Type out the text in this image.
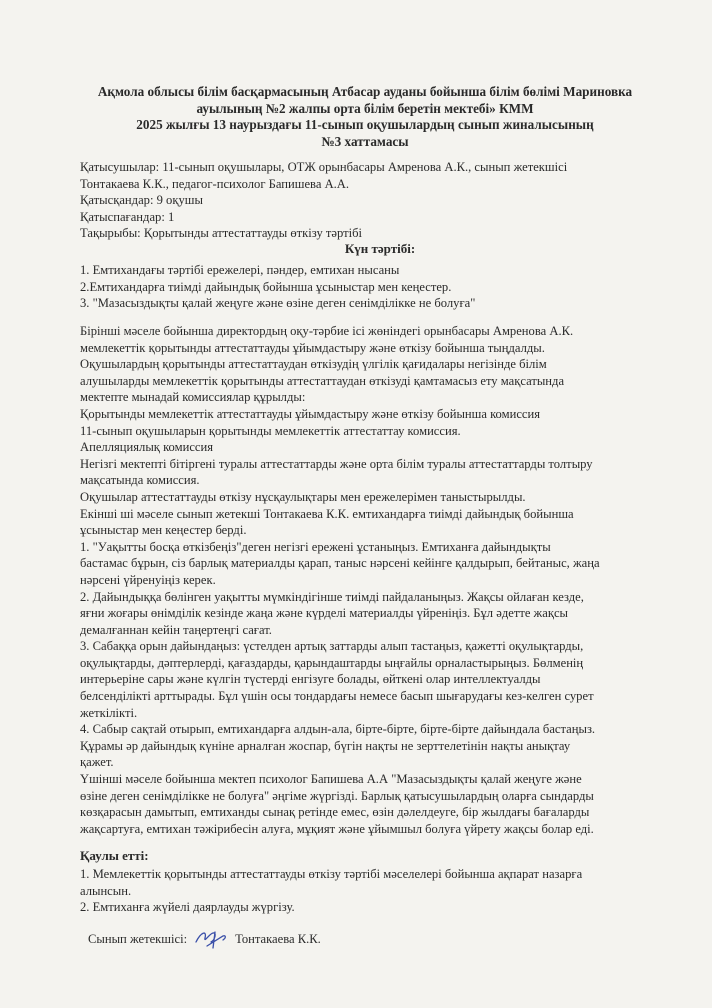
Ақмола облысы білім басқармасының Атбасар ауданы бойынша білім бөлімі Мариновка
ауылының №2 жалпы орта білім беретін мектебі» КММ
2025 жылғы 13 наурыздағы 11-сынып оқушылардың сынып жиналысының
№3 хаттамасы
Қатысушылар: 11-сынып оқушылары, ОТЖ орынбасары Амренова А.К., сынып жетекшісі
Тонтакаева К.К., педагог-психолог Бапишева А.А.
Қатысқандар: 9 оқушы
Қатыспағандар: 1
Тақырыбы: Қорытынды аттестаттауды өткізу тәртібі
Күн тәртібі:
1. Емтихандағы тәртібі ережелері, пәндер, емтихан нысаны
2.Емтихандарға тиімді дайындық бойынша ұсыныстар мен кеңестер.
3. "Мазасыздықты қалай жеңуге және өзіне деген сенімділікке не болуға"
Бірінші мәселе бойынша директордың оқу-тәрбие ісі жөніндегі орынбасары Амренова А.К.
мемлекеттік қорытынды аттестаттауды ұйымдастыру және өткізу бойынша тыңдалды.
Оқушылардың қорытынды аттестаттаудан өткізудің үлгілік қағидалары негізінде білім
алушыларды мемлекеттік қорытынды аттестаттаудан өткізуді қамтамасыз ету мақсатында
мектепте мынадай комиссиялар құрылды:
Қорытынды мемлекеттік аттестаттауды ұйымдастыру және өткізу бойынша комиссия
11-сынып оқушыларын қорытынды мемлекеттік аттестаттау комиссия.
Апелляциялық комиссия
Негізгі мектепті бітіргені туралы аттестаттарды және орта білім туралы аттестаттарды толтыру
мақсатында комиссия.
Оқушылар аттестаттауды өткізу нұсқаулықтары мен ережелерімен таныстырылды.
Екінші ші мәселе сынып жетекші Тонтакаева К.К. емтихандарға тиімді дайындық бойынша
ұсыныстар мен кеңестер берді.
1. "Уақытты босқа өткізбеңіз"деген негізгі ережені ұстаныңыз. Емтиханға дайындықты
бастамас бұрын, сіз барлық материалды қарап, таныс нәрсені кейінге қалдырып, бейтаныс, жаңа
нәрсені үйренуіңіз керек.
2. Дайындыққа бөлінген уақытты мүмкіндігінше тиімді пайдаланыңыз. Жақсы ойлаған кезде,
яғни жоғары өнімділік кезінде жаңа және күрделі материалды үйреніңіз. Бұл әдетте жақсы
демалғаннан кейін таңертеңгі сағат.
3. Сабаққа орын дайындаңыз: үстелден артық заттарды алып тастаңыз, қажетті оқулықтарды,
оқулықтарды, дәптерлерді, қағаздарды, қарындаштарды ыңғайлы орналастырыңыз. Бөлменің
интерьеріне сары және күлгін түстерді енгізуге болады, өйткені олар интеллектуалды
белсенділікті арттырады. Бұл үшін осы тондардағы немесе басып шығарудағы кез-келген сурет
жеткілікті.
4. Сабыр сақтай отырып, емтихандарға алдын-ала, біртe-бірте, бірте-бірте дайындала бастаңыз.
Құрамы әр дайындық күніне арналған жоспар, бүгін нақты не зерттелетінін нақты анықтау
қажет.
Үшінші мәселе бойынша мектеп психолог Бапишева А.А "Мазасыздықты қалай жеңуге және
өзіне деген сенімділікке не болуға" әңгіме жүргізді. Барлық қатысушылардың оларға сындарды
көзқарасын дамытып, емтиханды сынақ ретінде емес, өзін дәлелдеуге, бір жылдағы бағаларды
жақсартуға, емтихан тәжірибесін алуға, мұқият және ұйымшыл болуға үйрету жақсы болар еді.
Қаулы етті:
1. Мемлекеттік қорытынды аттестаттауды өткізу тәртібі мәселелері бойынша ақпарат назарға
алынсын.
2. Емтиханға жүйелі даярлауды жүргізу.
Сынып жетекшісі:	Тонтакаева К.К.
